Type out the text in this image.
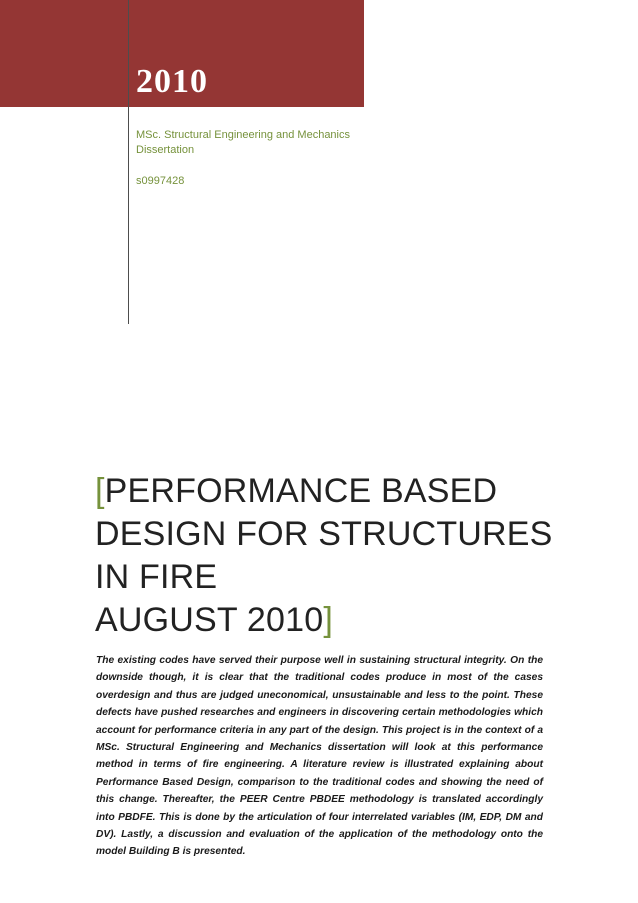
2010
MSc. Structural Engineering and Mechanics Dissertation
s0997428
[PERFORMANCE BASED
DESIGN FOR STRUCTURES
IN FIRE
AUGUST 2010]
The existing codes have served their purpose well in sustaining structural integrity. On the downside though, it is clear that the traditional codes produce in most of the cases overdesign and thus are judged uneconomical, unsustainable and less to the point. These defects have pushed researches and engineers in discovering certain methodologies which account for performance criteria in any part of the design. This project is in the context of a MSc. Structural Engineering and Mechanics dissertation will look at this performance method in terms of fire engineering. A literature review is illustrated explaining about Performance Based Design, comparison to the traditional codes and showing the need of this change. Thereafter, the PEER Centre PBDEE methodology is translated accordingly into PBDFE. This is done by the articulation of four interrelated variables (IM, EDP, DM and DV). Lastly, a discussion and evaluation of the application of the methodology onto the model Building B is presented.
